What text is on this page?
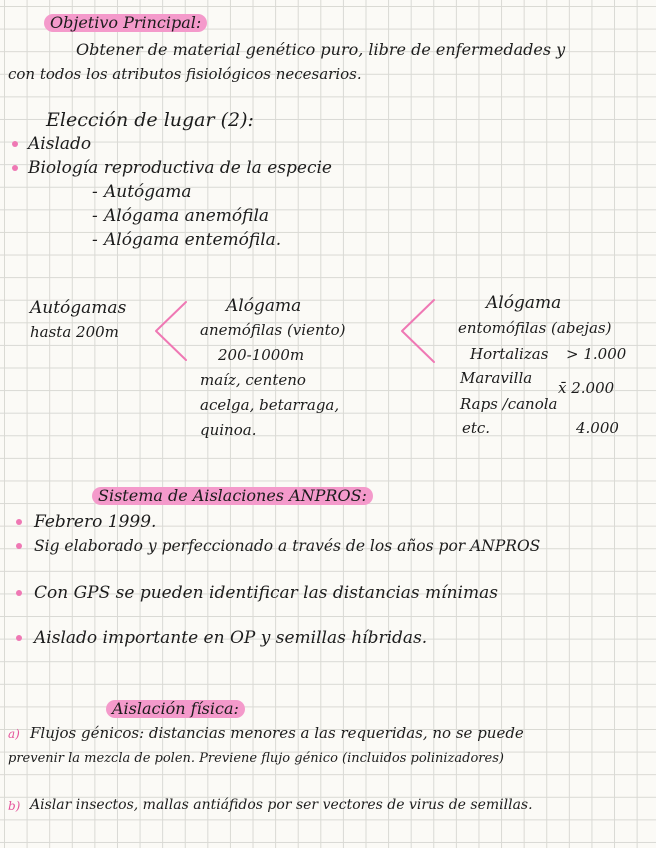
Objetivo Principal:
Obtener de material genético puro, libre de enfermedades y
con todos los atributos fisiológicos necesarios.
Elección de lugar (2):
Aislado
Biología reproductiva de la especie
- Autógama
- Alógama anemófila
- Alógama entemófila.
Autógamas
hasta 200m
Alógama
anemófilas (viento)
200-1000m
maíz, centeno
acelga, betarraga,
quinoa.
Alógama
entomófilas (abejas)
Hortalizas > 1.000
Maravilla
x̄ 2.000
Raps /canola
etc.	4.000
Sistema de Aislaciones ANPROS:
Febrero 1999.
Sig elaborado y perfeccionado a través de los años por ANPROS
Con GPS se pueden identificar las distancias mínimas
Aislado importante en OP y semillas híbridas.
Aislación física:
a) Flujos génicos: distancias menores a las requeridas, no se puede
prevenir la mezcla de polen. Previene flujo génico (incluidos polinizadores)
b) Aislar insectos, mallas antiáfidos por ser vectores de virus de semillas.
